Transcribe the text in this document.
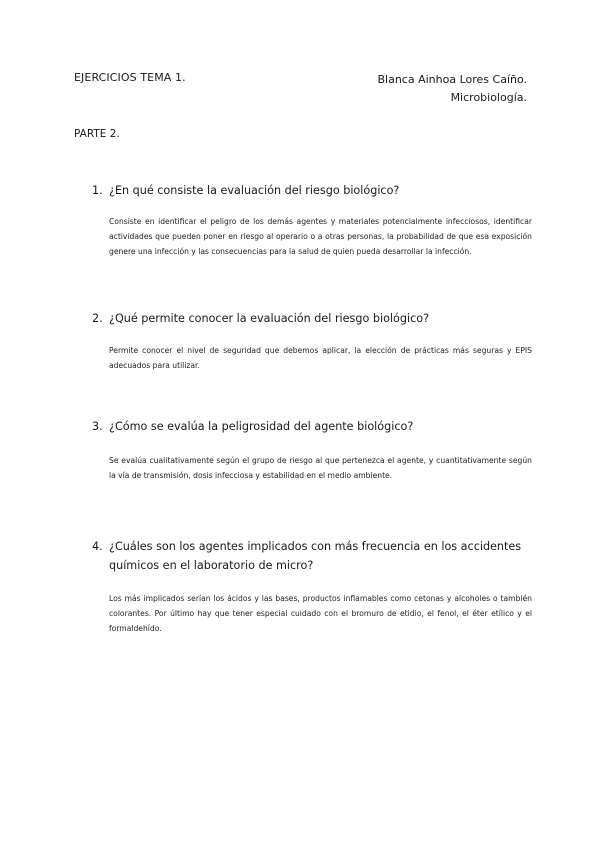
EJERCICIOS TEMA 1.	Blanca Ainhoa Lores Caíño.
Microbiología.
PARTE 2.
1. ¿En qué consiste la evaluación del riesgo biológico?
Consiste en identificar el peligro de los demás agentes y materiales potencialmente infecciosos, identificar actividades que pueden poner en riesgo al operario o a otras personas, la probabilidad de que esa exposición genere una infección y las consecuencias para la salud de quien pueda desarrollar la infección.
2. ¿Qué permite conocer la evaluación del riesgo biológico?
Permite conocer el nivel de seguridad que debemos aplicar, la elección de prácticas más seguras y EPIS adecuados para utilizar.
3. ¿Cómo se evalúa la peligrosidad del agente biológico?
Se evalúa cualitativamente según el grupo de riesgo al que pertenezca el agente, y cuantitativamente según la vía de transmisión, dosis infecciosa y estabilidad en el medio ambiente.
4. ¿Cuáles son los agentes implicados con más frecuencia en los accidentes químicos en el laboratorio de micro?
Los más implicados serían los ácidos y las bases, productos inflamables como cetonas y alcoholes o también colorantes. Por último hay que tener especial cuidado con el bromuro de etidio, el fenol, el éter etílico y el formaldehído.
